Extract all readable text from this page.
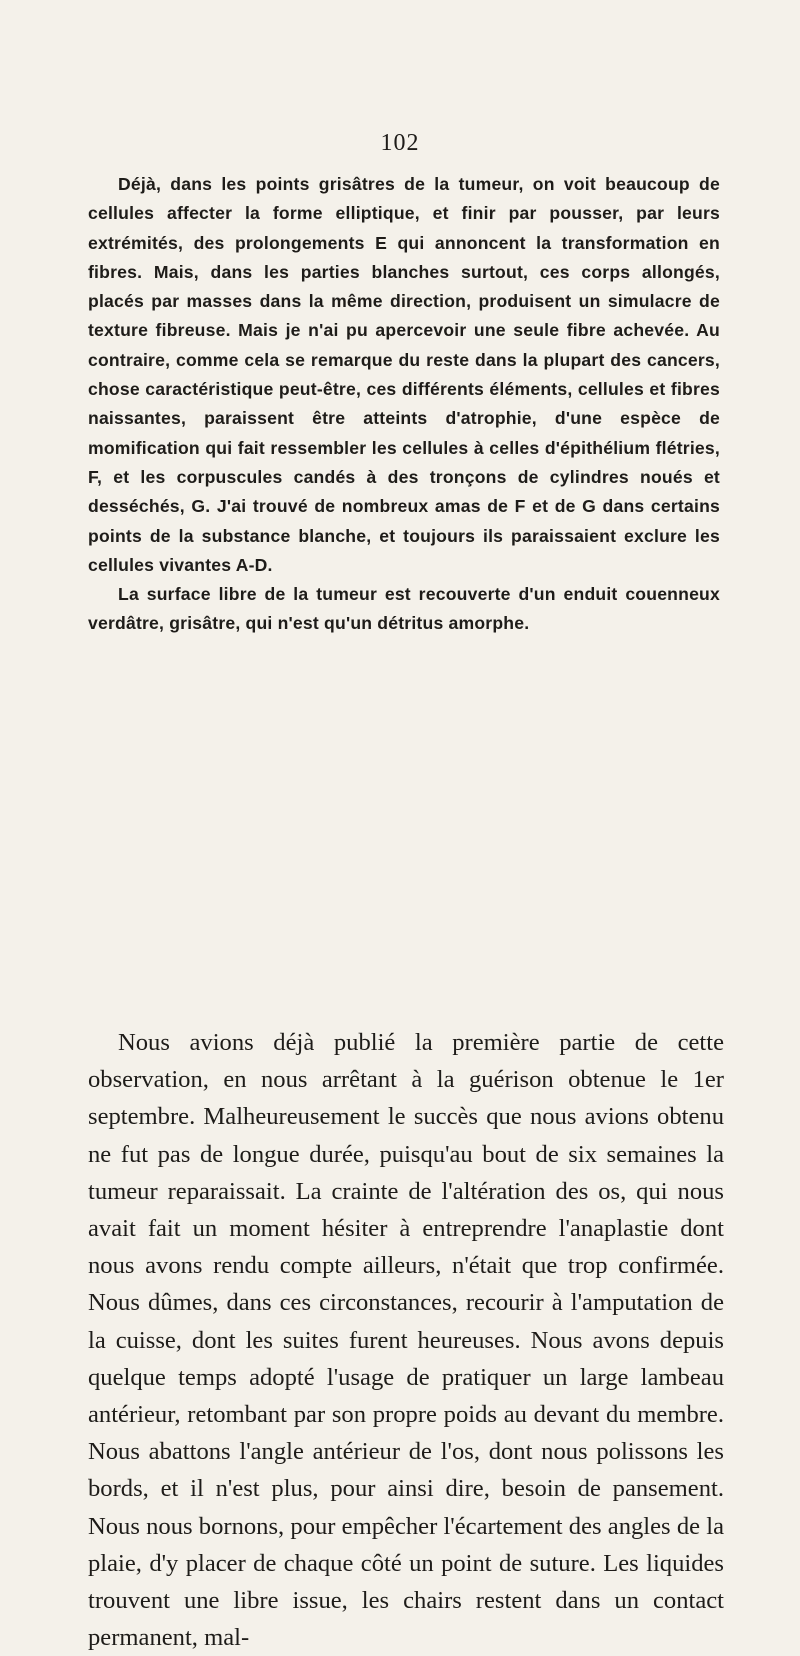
102

Déjà, dans les points grisâtres de la tumeur, on voit beaucoup de cellules affecter la forme elliptique, et finir par pousser, par leurs extrémités, des prolongements E qui annoncent la transformation en fibres. Mais, dans les parties blanches surtout, ces corps allongés, placés par masses dans la même direction, produisent un simulacre de texture fibreuse. Mais je n'ai pu apercevoir une seule fibre achevée. Au contraire, comme cela se remarque du reste dans la plupart des cancers, chose caractéristique peut-être, ces différents éléments, cellules et fibres naissantes, paraissent être atteints d'atrophie, d'une espèce de momification qui fait ressembler les cellules à celles d'épithélium flétries, F, et les corpuscules candés à des tronçons de cylindres noués et desséchés, G. J'ai trouvé de nombreux amas de F et de G dans certains points de la substance blanche, et toujours ils paraissaient exclure les cellules vivantes A-D.

La surface libre de la tumeur est recouverte d'un enduit couenneux verdâtre, grisâtre, qui n'est qu'un détritus amorphe.

Nous avions déjà publié la première partie de cette observation, en nous arrêtant à la guérison obtenue le 1er septembre. Malheureusement le succès que nous avions obtenu ne fut pas de longue durée, puisqu'au bout de six semaines la tumeur reparaissait. La crainte de l'altération des os, qui nous avait fait un moment hésiter à entreprendre l'anaplastie dont nous avons rendu compte ailleurs, n'était que trop confirmée. Nous dûmes, dans ces circonstances, recourir à l'amputation de la cuisse, dont les suites furent heureuses. Nous avons depuis quelque temps adopté l'usage de pratiquer un large lambeau antérieur, retombant par son propre poids au devant du membre. Nous abattons l'angle antérieur de l'os, dont nous polissons les bords, et il n'est plus, pour ainsi dire, besoin de pansement. Nous nous bornons, pour empêcher l'écartement des angles de la plaie, d'y placer de chaque côté un point de suture. Les liquides trouvent une libre issue, les chairs restent dans un contact permanent, mal-
